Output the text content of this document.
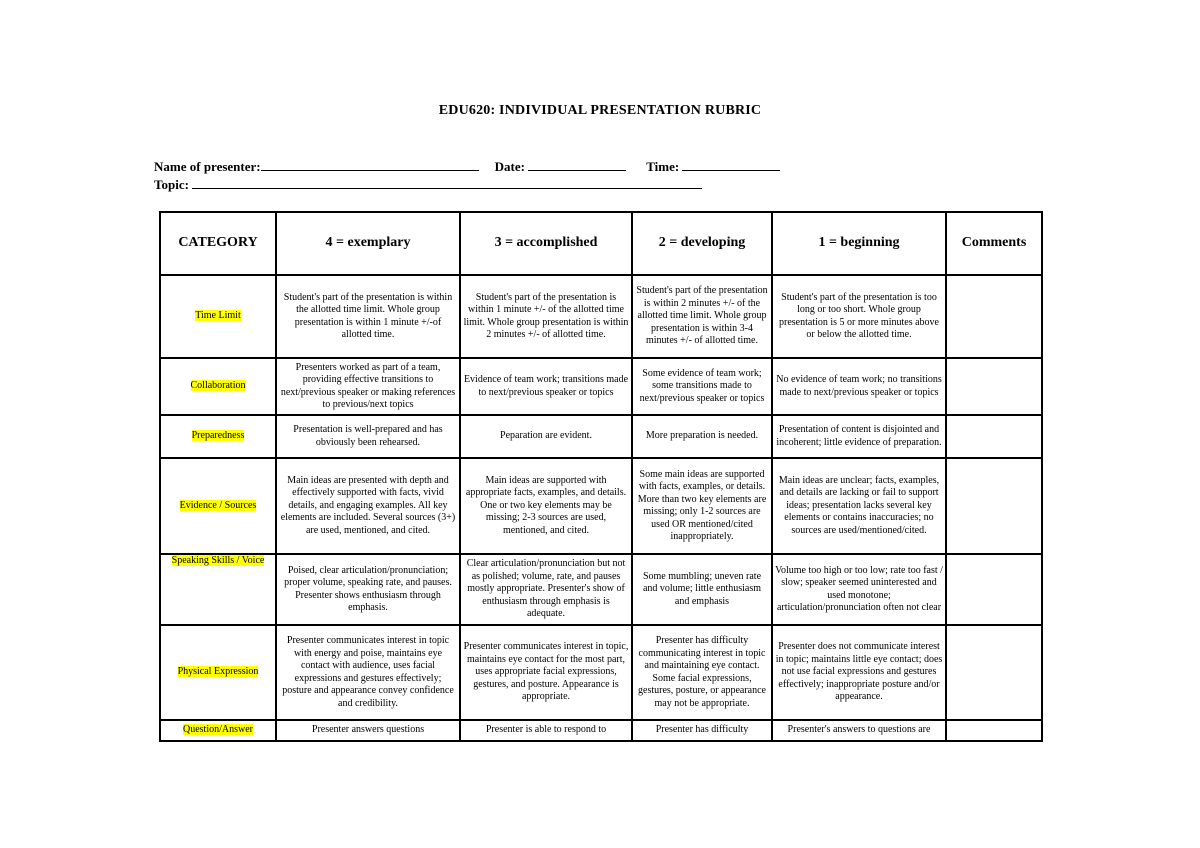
EDU620: INDIVIDUAL PRESENTATION RUBRIC
Name of presenter:	Date:	Time:
Topic:
CATEGORY	4 = exemplary	3 = accomplished	2 = developing	1 = beginning	Comments
Time Limit	Student's part of the presentation is within the allotted time limit. Whole group presentation is within 1 minute +/-of allotted time.	Student's part of the presentation is within 1 minute +/- of the allotted time limit. Whole group presentation is within 2 minutes +/- of allotted time.	Student's part of the presentation is within 2 minutes +/- of the allotted time limit. Whole group presentation is within 3-4 minutes +/- of allotted time.	Student's part of the presentation is too long or too short. Whole group presentation is 5 or more minutes above or below the allotted time.	
Collaboration	Presenters worked as part of a team, providing effective transitions to next/previous speaker or making references to previous/next topics	Evidence of team work; transitions made to next/previous speaker or topics	Some evidence of team work; some transitions made to next/previous speaker or topics	No evidence of team work; no transitions made to next/previous speaker or topics	
Preparedness	Presentation is well-prepared and has obviously been rehearsed.	Peparation are evident.	More preparation is needed.	Presentation of content is disjointed and incoherent; little evidence of preparation.	
Evidence / Sources	Main ideas are presented with depth and effectively supported with facts, vivid details, and engaging examples. All key elements are included. Several sources (3+) are used, mentioned, and cited.	Main ideas are supported with appropriate facts, examples, and details. One or two key elements may be missing; 2-3 sources are used, mentioned, and cited.	Some main ideas are supported with facts, examples, or details. More than two key elements are missing; only 1-2 sources are used OR mentioned/cited inappropriately.	Main ideas are unclear; facts, examples, and details are lacking or fail to support ideas; presentation lacks several key elements or contains inaccuracies; no sources are used/mentioned/cited.	
Speaking Skills / Voice	Poised, clear articulation/pronunciation; proper volume, speaking rate, and pauses. Presenter shows enthusiasm through emphasis.	Clear articulation/pronunciation but not as polished; volume, rate, and pauses mostly appropriate. Presenter's show of enthusiasm through emphasis is adequate.	Some mumbling; uneven rate and volume; little enthusiasm and emphasis	Volume too high or too low; rate too fast / slow; speaker seemed uninterested and used monotone; articulation/pronunciation often not clear	
Physical Expression	Presenter communicates interest in topic with energy and poise, maintains eye contact with audience, uses facial expressions and gestures effectively; posture and appearance convey confidence and credibility.	Presenter communicates interest in topic, maintains eye contact for the most part, uses appropriate facial expressions, gestures, and posture. Appearance is appropriate.	Presenter has difficulty communicating interest in topic and maintaining eye contact. Some facial expressions, gestures, posture, or appearance may not be appropriate.	Presenter does not communicate interest in topic; maintains little eye contact; does not use facial expressions and gestures effectively; inappropriate posture and/or appearance.	
Question/Answer	Presenter answers questions	Presenter is able to respond to	Presenter has difficulty	Presenter's answers to questions are	
